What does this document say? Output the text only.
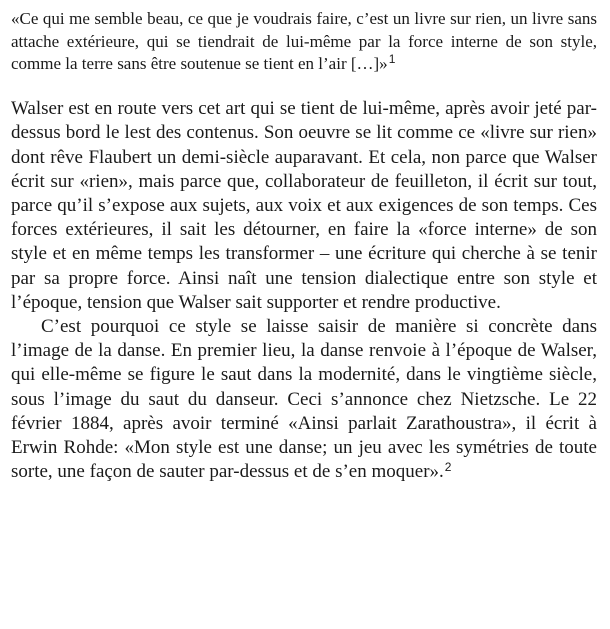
«Ce qui me semble beau, ce que je voudrais faire, c’est un livre sur rien, un livre sans attache extérieure, qui se tiendrait de lui-même par la force interne de son style, comme la terre sans être soutenue se tient en l’air […]»$^1$

Walser est en route vers cet art qui se tient de lui-même, après avoir jeté par-dessus bord le lest des contenus. Son oeuvre se lit comme ce «livre sur rien» dont rêve Flaubert un demi-siècle auparavant. Et cela, non parce que Walser écrit sur «rien», mais parce que, collaborateur de feuilleton, il écrit sur tout, parce qu’il s’expose aux sujets, aux voix et aux exigences de son temps. Ces forces extérieures, il sait les détourner, en faire la «force interne» de son style et en même temps les transformer – une écriture qui cherche à se tenir par sa propre force. Ainsi naît une tension dialectique entre son style et l’époque, tension que Walser sait supporter et rendre productive.

C’est pourquoi ce style se laisse saisir de manière si concrète dans l’image de la danse. En premier lieu, la danse renvoie à l’époque de Walser, qui elle-même se figure le saut dans la modernité, dans le vingtième siècle, sous l’image du saut du danseur. Ceci s’annonce chez Nietzsche. Le 22 février 1884, après avoir terminé «Ainsi parlait Zarathoustra», il écrit à Erwin Rohde: «Mon style est une danse; un jeu avec les symétries de toute sorte, une façon de sauter par-dessus et de s’en moquer».$^2$
